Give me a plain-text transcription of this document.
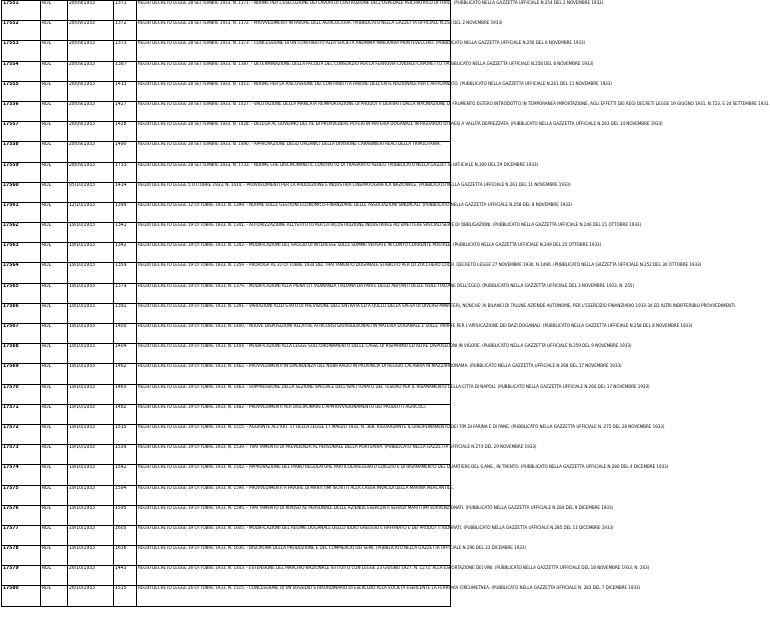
17551	RDL	28/09/1933	1371	REGIO DECRETO LEGGE 28 SETTEMBRE 1933, N. 1371. - NORME PER L'ESECUZIONE DEI LAVORI DI COSTRUZIONE DELL'OSPEDALE PSICHIATRICO DI FORLI. (PUBBLICATO NELLA GAZZETTA UFFICIALE N.254 DEL 2 NOVEMBRE 1933)

17552	RDL	28/09/1933	1372	REGIO DECRETO LEGGE 28 SETTEMBRE 1933, N. 1372. - PROVVEDIMENTI IN FAVORE DELL'AGRICOLTURA. (PUBBLICATO NELLA GAZZETTA UFFICIALE N.254 DEL 2 NOVEMBRE 1933)

17553	RDL	28/09/1933	1373	REGIO DECRETO LEGGE 28 SETTEMBRE 1933, N. 1373. - CONCESSIONE DI UN CONTRIBUTO ALLA SOCIETA ANONIMA MINERARIA MONTEVECCHIO. (PUBBLICATO NELLA GAZZETTA UFFICIALE N.256 DEL 6 NOVEMBRE 1933)

17554	RDL	28/09/1933	1387	REGIO DECRETO LEGGE 28 SETTEMBRE 1933, N. 1387. - DETERMINAZIONE DELLA FACOLTA DEL CONSORZIO PER LA FERROVIA CIVIDALE-CAPORETTO. (PUBBLICATO NELLA GAZZETTA UFFICIALE N.258 DEL 8 NOVEMBRE 1933)

17555	RDL	28/09/1933	1413	REGIO DECRETO LEGGE 28 SETTEMBRE 1933, N. 1413. - NORME PER LA RISCOSSIONE DEI CONTRIBUTI A FAVORE DELL'ENTE NAZIONALE PER L'ARTIGIANATO. (PUBBLICATO NELLA GAZZETTA UFFICIALE N.261 DEL 11 NOVEMBRE 1933)

17556	RDL	28/09/1933	1427	REGIO DECRETO LEGGE 28 SETTEMBRE 1933, N. 1427. - VALUTAZIONE DELLA MANCATA REIMPORTAZIONE DI PRODOTTI DERIVATI DALLA MACINAZIONE DI FRUMENTO ESTERO INTRODOTTO IN TEMPORANEA IMPORTAZIONE, AGLI EFFETTI DEI REGI DECRETI LEGGE 19 GIUGNO 1931, N.723, E 24 SETTEMBRE 1931.

17557	RDL	28/09/1933	1428	REGIO DECRETO LEGGE 28 SETTEMBRE 1933, N. 1428. - DELEGA AL GOVERNO DEL RE DI PROVVEDERE POTERI IN MATERIA DOGANALE IN RIGUARDO DI PAESI A VALUTA DEPREZZATA. (PUBBLICATO NELLA GAZZETTA UFFICIALE N.263 DEL 14 NOVEMBRE 1933)

17558	RDL	28/09/1933	1490	REGIO DECRETO LEGGE 28 SETTEMBRE 1933, N. 1490. - APPROVAZIONE DEGLI ORGANICI DELLA DIVISIONE CARABINIERI REALI DELLA TRIPOLITANIA.

17559	RDL	28/09/1933	1733	REGIO DECRETO LEGGE 28 SETTEMBRE 1933, N. 1733. - NORME CHE DISCIPLINANO IL CONTRATTO DI TRASPORTO AEREO. (PUBBLICATO NELLA GAZZETTA UFFICIALE N.300 DEL 29 DICEMBRE 1933)

17560	RDL	05/10/1933	1414	REGIO DECRETO LEGGE 5 OTTOBRE 1933, N. 1414. - PROVVEDIMENTI PER LA PRODUZIONE E INDUSTRIA CINEMATOGRAFICA NAZIONALE. (PUBBLICATO NELLA GAZZETTA UFFICIALE N.261 DEL 11 NOVEMBRE 1933)

17561	RDL	12/10/1933	1399	REGIO DECRETO LEGGE 12 OTTOBRE 1933, N. 1399. - NORME SULLE GESTIONI ECONOMICO-FINANZIARIE DELLE ASSOCIAZIONI SINDACALI. (PUBBLICATO NELLA GAZZETTA UFFICIALE N.258 DEL 8 NOVEMBRE 1933)

17562	RDL	19/10/1933	1341	REGIO DECRETO LEGGE 19 OTTOBRE 1933, N. 1341. - AUTORIZZAZIONE ALL'ISTITUTO PER LA RICOSTRUZIONE INDUSTRIALE AD EMETTERE SPECIALI SERIE DI OBBLIGAZIONI. (PUBBLICATO NELLA GAZZETTA UFFICIALE N.246 DEL 21 OTTOBRE 1933)

17563	RDL	19/10/1933	1342	REGIO DECRETO LEGGE 19 OTTOBRE 1933, N. 1342. - MODIFICAZIONI DEL SAGGIO DI INTERESSE SULLE SOMME VERSATE IN CONTO CORRENTE POSTALE. (PUBBLICATO NELLA GAZZETTA UFFICIALE N.249 DEL 25 OTTOBRE 1933)

17564	RDL	19/10/1933	1359	REGIO DECRETO LEGGE 19 OTTOBRE 1933, N. 1359. - PROROGA AL 31 OTTOBRE 1934 DEL TRATTAMENTO DOGANALE STABILITO PER LO ZUCCHERO COL R. DECRETO LEGGE 27 NOVEMBRE 1930, N.1496. (PUBBLICATO NELLA GAZZETTA UFFICIALE N.252 DEL 30 OTTOBRE 1933)

17565	RDL	19/10/1933	1379	REGIO DECRETO LEGGE 19 OTTOBRE 1933, N. 1379. - MODIFICAZIONI ALLA PIENA CITTADINANZA ITALIANA DA PARTE DEGLI ABITANTI DELLE ISOLE ITALIANE DELL'EGEO. (PUBBLICATO NELLA GAZZETTA UFFICIALE DEL 3 NOVEMBRE 1933, N. 255)

17566	RDL	19/10/1933	1391	REGIO DECRETO LEGGE 19 OTTOBRE 1933, N. 1391. - VARIAZIONI ALLO STATO DI PREVISIONE DELL'ENTRATA ED A QUELLI DELLA SPESA DI DIVERSI MINISTERI, NONCHE' AI BILANCI DI TALUNE AZIENDE AUTONOME, PER L'ESERCIZIO FINANZIARIO 1933-34 ED ALTRI INDIFFERIBILI PROVVEDIMENTI.

17567	RDL	19/10/1933	1400	REGIO DECRETO LEGGE 19 OTTOBRE 1933, N. 1400. - NUOVE DISPOSIZIONI RELATIVE AI RICORSI GIURISDIZIONALI IN MATERIA DOGANALE E SULLE TARIFFE PER L'APPLICAZIONE DEI DAZI DOGANALI. (PUBBLICATO NELLA GAZZETTA UFFICIALE N.258 DEL 8 NOVEMBRE 1933)

17568	RDL	19/10/1933	1404	REGIO DECRETO LEGGE 19 OTTOBRE 1933, N. 1404. - MODIFICAZIONI ALLA LEGGE SULL'ORDINAMENTO DELLE CASSE DI RISPARMIO ED ALTRE DISPOSIZIONI IN VIGORE. (PUBBLICATO NELLA GAZZETTA UFFICIALE N.259 DEL 9 NOVEMBRE 1933)

17569	RDL	19/10/1933	1462	REGIO DECRETO LEGGE 19 OTTOBRE 1933, N. 1462. - PROVVEDIMENTI IN DIPENDENZA DEL NUBIFRAGIO IN PROVINCIA DI REGGIO CALABRIA IN MAZZARRONAMA. (PUBBLICATO NELLA GAZZETTA UFFICIALE N.268 DEL 17 NOVEMBRE 1933)

17570	RDL	19/10/1933	1463	REGIO DECRETO LEGGE 19 OTTOBRE 1933, N. 1463. - SOPPRESSIONE DELLA SEZIONE SPECIALE DELL'ISPETTORATO DEL TESORO PER IL RISANAMENTO DELLA CITTA DI NAPOLI. (PUBBLICATO NELLA GAZZETTA UFFICIALE N.266 DEL 17 NOVEMBRE 1933)

17571	RDL	19/10/1933	1482	REGIO DECRETO LEGGE 19 OTTOBRE 1933, N. 1482. - PROVVEDIMENTI PER DISCIPLINARE L'APPROVVIGIONAMENTO DEI PRODOTTI AGRICOLI.

17572	RDL	19/10/1933	1515	REGIO DECRETO LEGGE 19 OTTOBRE 1933, N. 1515. - AGGIUNTE ALL'ART. 17 DELLA LEGGE 17 MARZO 1932, N. 368, RIGUARDANTE IL DISCIPLINAMENTO DEI TIPI DI FARINA E DI PANE. (PUBBLICATO NELLA GAZZETTA UFFICIALE N. 275 DEL 28 NOVEMBRE 1933)

17573	RDL	19/10/1933	1539	REGIO DECRETO LEGGE 19 OTTOBRE 1933, N. 1539. - TRATTAMENTO DI PREVIDENZA AL PERSONALE DELLA PORTUARIA. (PUBBLICATO NELLA GAZZETTA UFFICIALE N.274 DEL 29 NOVEMBRE 1933)

17574	RDL	19/10/1933	1542	REGIO DECRETO LEGGE 19 OTTOBRE 1933, N. 1542. - APPROVAZIONE DEL PIANO REGOLATORE PARTICOLAREGGIATO EDILIZIO E DI RISANAMENTO DEL QUARTIERE DEL S.ANS., IN TRENTO. (PUBBLICATO NELLA GAZZETTA UFFICIALE N.280 DEL 4 DICEMBRE 1933)

17575	RDL	19/10/1933	1594	REGIO DECRETO LEGGE 19 OTTOBRE 1933, N. 1594. - PROVVEDIMENTI A FAVORE DI MARITTIMI ISCRITTI ALLA CASSA INVALIDI DELLA MARINA MERCANTILE.

17576	RDL	19/10/1933	1595	REGIO DECRETO LEGGE 19 OTTOBRE 1933, N. 1595. - TRATTAMENTO DI RIPOSO AL PERSONALE DELLE AZIENDE ESERCENTI SERVIZI MARITTIMI SOVVENZIONATI. (PUBBLICATO NELLA GAZZETTA UFFICIALE N.284 DEL 9 DICEMBRE 1933)

17577	RDL	19/10/1933	1605	REGIO DECRETO LEGGE 19 OTTOBRE 1933, N. 1605. - MODIFICAZIONI DEL REGIME DOGANALE DELLO IODIO GREGGIO E RAFFINATO E DEI PRODOTTI IODURATI. (PUBBLICATO NELLA GAZZETTA UFFICIALE N.285 DEL 11 DICEMBRE 1933)

17578	RDL	19/10/1933	1636	REGIO DECRETO LEGGE 19 OTTOBRE 1933, N. 1636. - DISCIPLINA DELLA PRODUZIONE E DEL COMMERCIO DEI SEMI. (PUBBLICATO NELLA GAZZETTA UFFICIALE N.296 DEL 23 DICEMBRE 1933)

17579	RDL	26/10/1933	1443	REGIO DECRETO LEGGE 26 OTTOBRE 1933, N. 1443. - ESTENSIONE DEL MARCHIO NAZIONALE ISTITUITO CON LEGGE 23 GIUGNO 1927, N. 1272, ALLA ESPORTAZIONE DEI VINI. (PUBBLICATO NELLA GAZZETTA UFFICIALE DEL 18 NOVEMBRE 1933, N. 263)

17580	RDL	26/10/1933	1515	REGIO DECRETO LEGGE 26 OTTOBRE 1933, N. 1515. - CONCESSIONE DI UN SUSSIDIO STRAORDINARIO DI ESERCIZIO ALLA SOCIETA ESERCENTE LA FERROVIA CIRCUMETNEA. (PUBBLICATO NELLA GAZZETTA UFFICIALE N. 283 DEL 7 DICEMBRE 1933)
